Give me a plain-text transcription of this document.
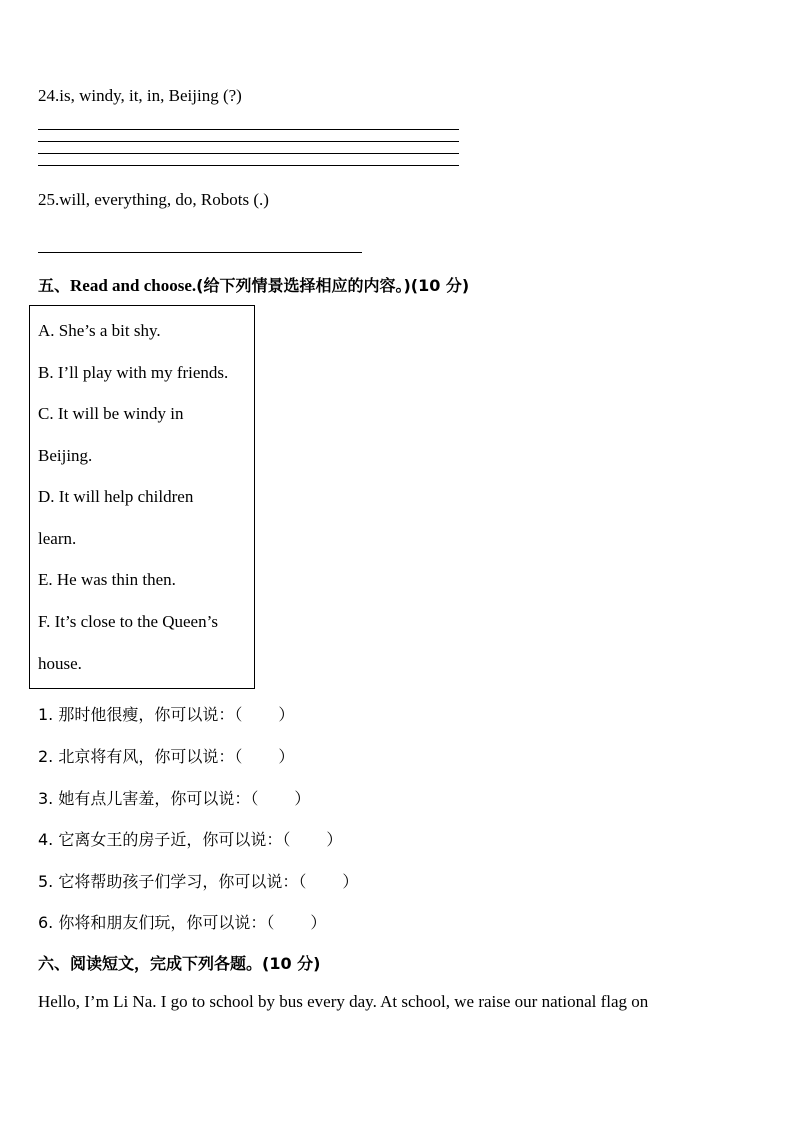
24.is, windy, it, in, Beijing (?)
25.will, everything, do, Robots (.)
五、Read and choose.(给下列情景选择相应的内容。)(10 分)
A. She’s a bit shy.
B. I’ll play with my friends.
C. It will be windy in
Beijing.
D. It will help children
learn.
E. He was thin then.
F. It’s close to the Queen’s
house.
1. 那时他很瘦，你可以说：（ ）
2. 北京将有风，你可以说：（ ）
3. 她有点儿害羞，你可以说：（ ）
4. 它离女王的房子近，你可以说：（ ）
5. 它将帮助孩子们学习，你可以说：（ ）
6. 你将和朋友们玩，你可以说：（ ）
六、阅读短文，完成下列各题。(10 分)
Hello, I’m Li Na. I go to school by bus every day. At school, we raise our national flag on
